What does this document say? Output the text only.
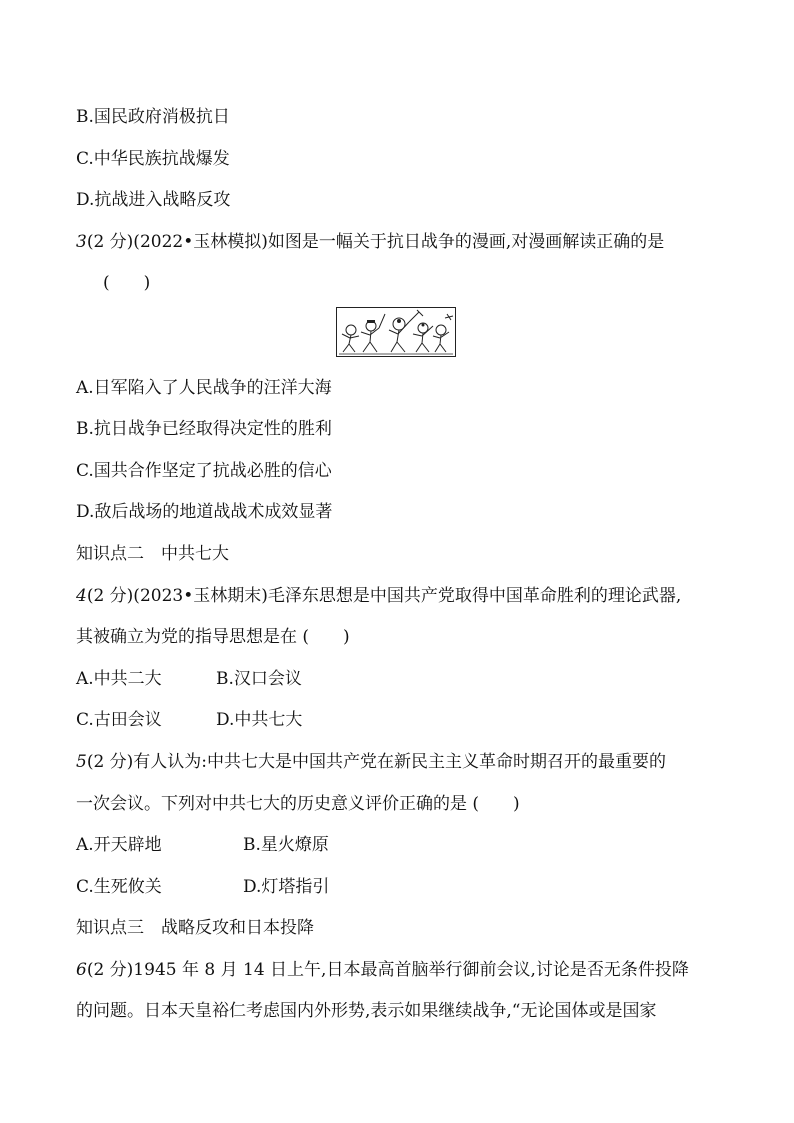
B.国民政府消极抗日
C.中华民族抗战爆发
D.抗战进入战略反攻
3(2 分)(2022•玉林模拟)如图是一幅关于抗日战争的漫画,对漫画解读正确的是
(　　)
A.日军陷入了人民战争的汪洋大海
B.抗日战争已经取得决定性的胜利
C.国共合作坚定了抗战必胜的信心
D.敌后战场的地道战战术成效显著
知识点二　中共七大
4(2 分)(2023•玉林期末)毛泽东思想是中国共产党取得中国革命胜利的理论武器,
其被确立为党的指导思想是在 (　　)
A.中共二大	B.汉口会议
C.古田会议	D.中共七大
5(2 分)有人认为:中共七大是中国共产党在新民主主义革命时期召开的最重要的
一次会议。下列对中共七大的历史意义评价正确的是 (　　)
A.开天辟地	B.星火燎原
C.生死攸关	D.灯塔指引
知识点三　战略反攻和日本投降
6(2 分)1945 年 8 月 14 日上午,日本最高首脑举行御前会议,讨论是否无条件投降
的问题。日本天皇裕仁考虑国内外形势,表示如果继续战争,“无论国体或是国家
